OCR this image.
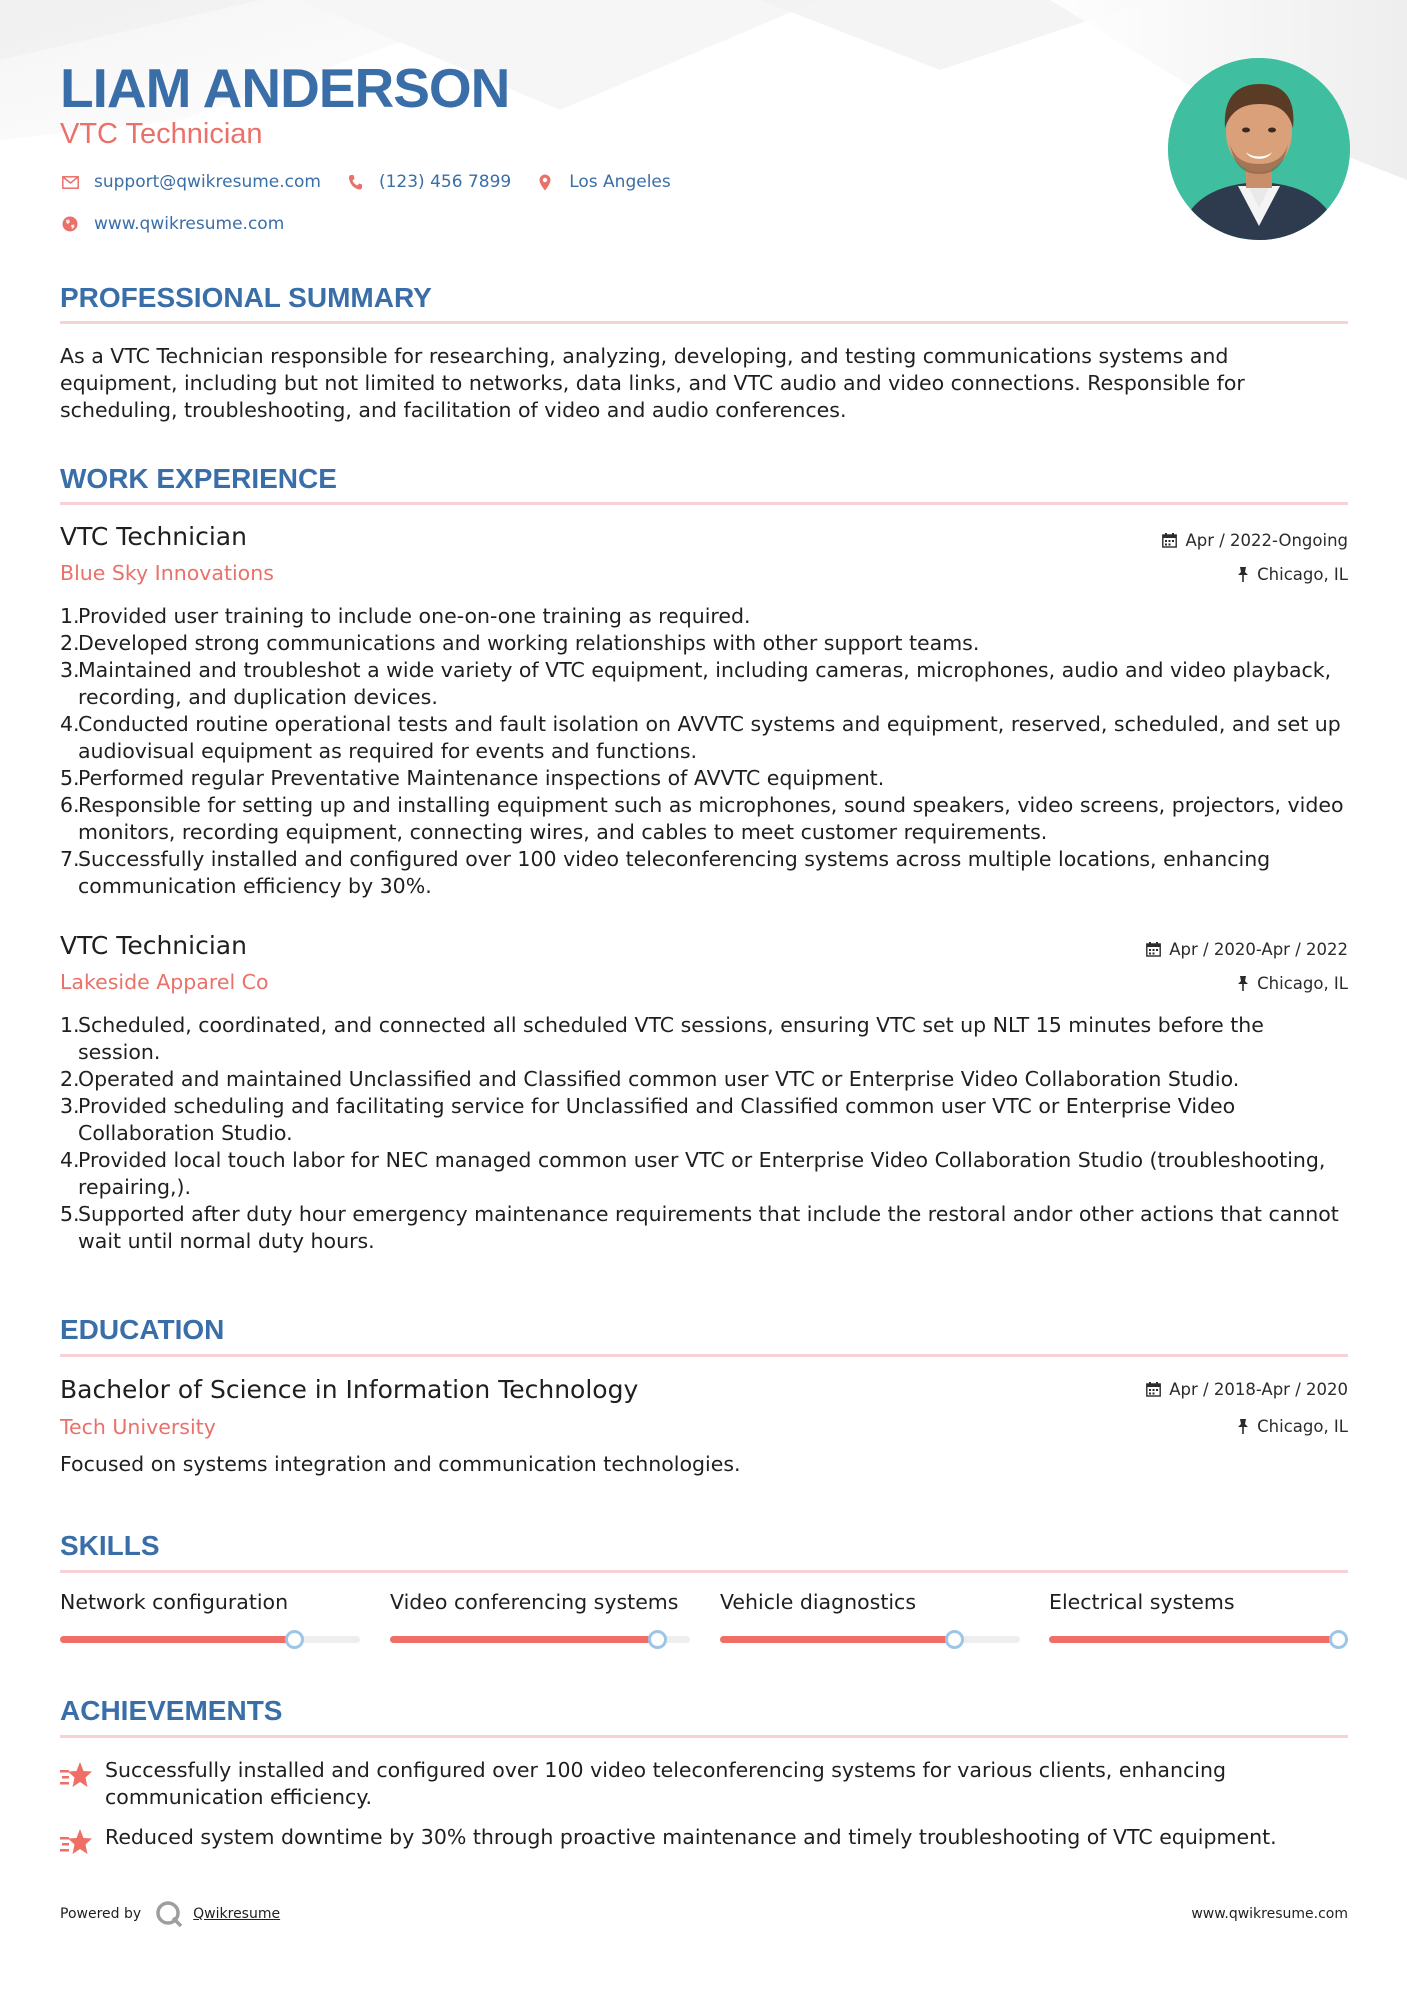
LIAM ANDERSON
VTC Technician
support@qwikresume.com	(123) 456 7899	Los Angeles
www.qwikresume.com
PROFESSIONAL SUMMARY
As a VTC Technician responsible for researching, analyzing, developing, and testing communications systems and equipment, including but not limited to networks, data links, and VTC audio and video connections. Responsible for scheduling, troubleshooting, and facilitation of video and audio conferences.
WORK EXPERIENCE
VTC Technician	Apr / 2022-Ongoing
Blue Sky Innovations	Chicago, IL
1.
Provided user training to include one-on-one training as required.
2.
Developed strong communications and working relationships with other support teams.
3.
Maintained and troubleshot a wide variety of VTC equipment, including cameras, microphones, audio and video playback, recording, and duplication devices.
4.
Conducted routine operational tests and fault isolation on AVVTC systems and equipment, reserved, scheduled, and set up audiovisual equipment as required for events and functions.
5.
Performed regular Preventative Maintenance inspections of AVVTC equipment.
6.
Responsible for setting up and installing equipment such as microphones, sound speakers, video screens, projectors, video monitors, recording equipment, connecting wires, and cables to meet customer requirements.
7.
Successfully installed and configured over 100 video teleconferencing systems across multiple locations, enhancing communication efficiency by 30%.
VTC Technician	Apr / 2020-Apr / 2022
Lakeside Apparel Co	Chicago, IL
1.
Scheduled, coordinated, and connected all scheduled VTC sessions, ensuring VTC set up NLT 15 minutes before the session.
2.
Operated and maintained Unclassified and Classified common user VTC or Enterprise Video Collaboration Studio.
3.
Provided scheduling and facilitating service for Unclassified and Classified common user VTC or Enterprise Video Collaboration Studio.
4.
Provided local touch labor for NEC managed common user VTC or Enterprise Video Collaboration Studio (troubleshooting, repairing,).
5.
Supported after duty hour emergency maintenance requirements that include the restoral andor other actions that cannot wait until normal duty hours.
EDUCATION
Bachelor of Science in Information Technology	Apr / 2018-Apr / 2020
Tech University	Chicago, IL
Focused on systems integration and communication technologies.
SKILLS
Network configuration	Video conferencing systems	Vehicle diagnostics	Electrical systems
ACHIEVEMENTS
Successfully installed and configured over 100 video teleconferencing systems for various clients, enhancing communication efficiency.
Reduced system downtime by 30% through proactive maintenance and timely troubleshooting of VTC equipment.
Powered by	Qwikresume	www.qwikresume.com
